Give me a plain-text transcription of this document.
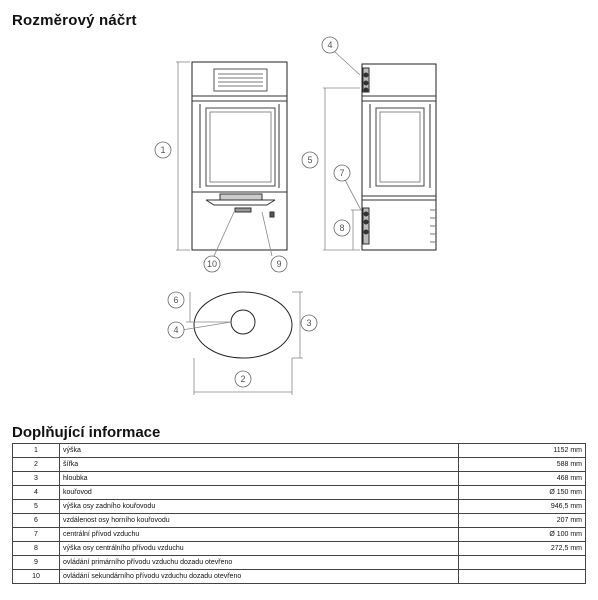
Rozměrový náčrt
1
2
3
4
4
5
6
7
8
9
10
Doplňující informace
1	výška	1152 mm
2	šířka	588 mm
3	hloubka	468 mm
4	kouřovod	Ø 150 mm
5	výška osy zadního kouřovodu	946,5 mm
6	vzdálenost osy horního kouřovodu	207 mm
7	centrální přívod vzduchu	Ø 100 mm
8	výška osy centrálního přívodu vzduchu	272,5 mm
9	ovládání primárního přívodu vzduchu dozadu otevřeno	
10	ovládání sekundárního přívodu vzduchu dozadu otevřeno	
